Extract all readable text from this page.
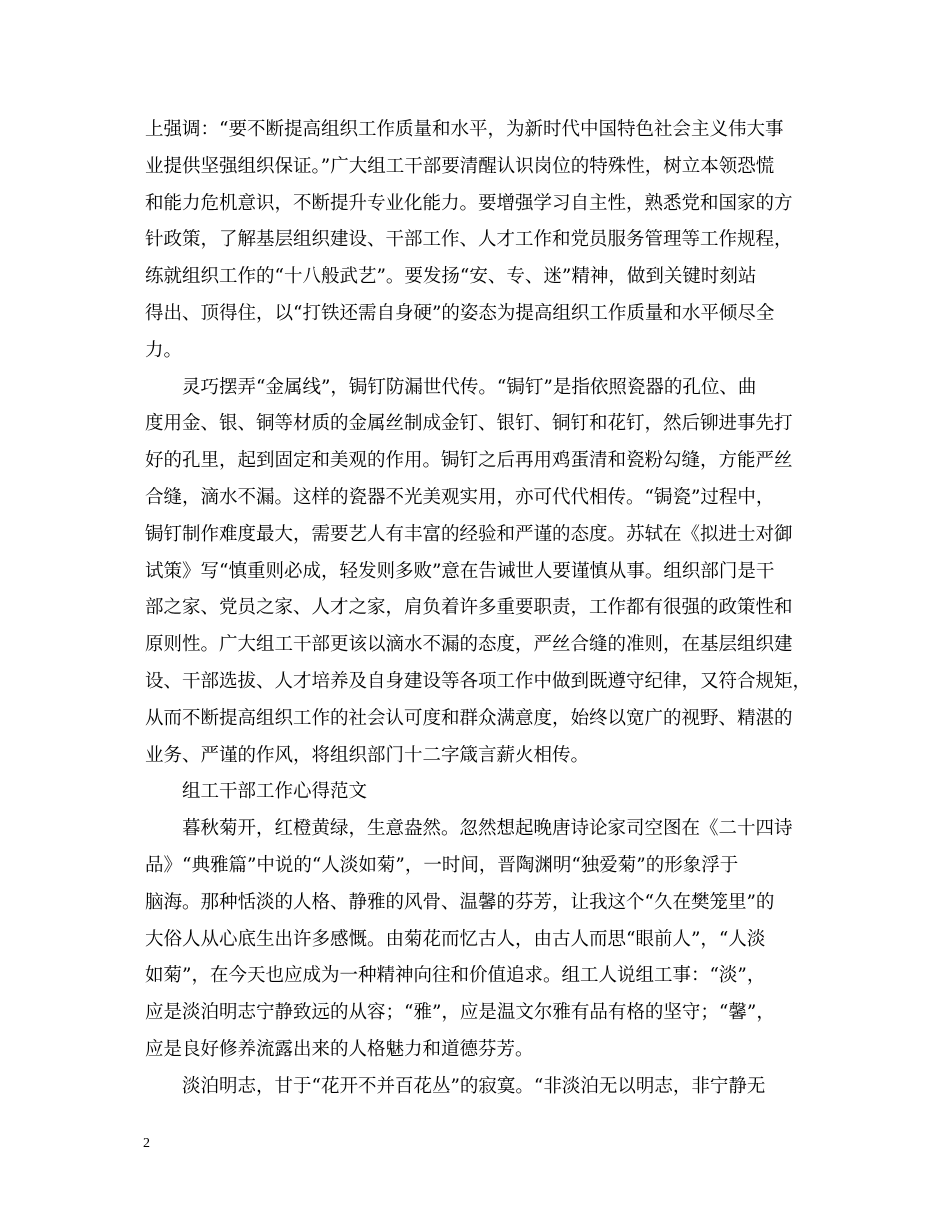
上强调：“要不断提高组织工作质量和水平，为新时代中国特色社会主义伟大事
业提供坚强组织保证。”广大组工干部要清醒认识岗位的特殊性，树立本领恐慌
和能力危机意识，不断提升专业化能力。要增强学习自主性，熟悉党和国家的方
针政策，了解基层组织建设、干部工作、人才工作和党员服务管理等工作规程，
练就组织工作的“十八般武艺”。要发扬“安、专、迷”精神，做到关键时刻站
得出、顶得住，以“打铁还需自身硬”的姿态为提高组织工作质量和水平倾尽全
力。
灵巧摆弄“金属线”，锔钉防漏世代传。“锔钉”是指依照瓷器的孔位、曲
度用金、银、铜等材质的金属丝制成金钉、银钉、铜钉和花钉，然后铆进事先打
好的孔里，起到固定和美观的作用。锔钉之后再用鸡蛋清和瓷粉勾缝，方能严丝
合缝，滴水不漏。这样的瓷器不光美观实用，亦可代代相传。“锔瓷”过程中，
锔钉制作难度最大，需要艺人有丰富的经验和严谨的态度。苏轼在《拟进士对御
试策》写“慎重则必成，轻发则多败”意在告诫世人要谨慎从事。组织部门是干
部之家、党员之家、人才之家，肩负着许多重要职责，工作都有很强的政策性和
原则性。广大组工干部更该以滴水不漏的态度，严丝合缝的准则，在基层组织建
设、干部选拔、人才培养及自身建设等各项工作中做到既遵守纪律，又符合规矩，
从而不断提高组织工作的社会认可度和群众满意度，始终以宽广的视野、精湛的
业务、严谨的作风，将组织部门十二字箴言薪火相传。
组工干部工作心得范文
暮秋菊开，红橙黄绿，生意盎然。忽然想起晚唐诗论家司空图在《二十四诗
品》“典雅篇”中说的“人淡如菊”，一时间，晋陶渊明“独爱菊”的形象浮于
脑海。那种恬淡的人格、静雅的风骨、温馨的芬芳，让我这个“久在樊笼里”的
大俗人从心底生出许多感慨。由菊花而忆古人，由古人而思“眼前人”，“人淡
如菊”，在今天也应成为一种精神向往和价值追求。组工人说组工事：“淡”，
应是淡泊明志宁静致远的从容；“雅”，应是温文尔雅有品有格的坚守；“馨”，
应是良好修养流露出来的人格魅力和道德芬芳。
淡泊明志，甘于“花开不并百花丛”的寂寞。“非淡泊无以明志，非宁静无
2
